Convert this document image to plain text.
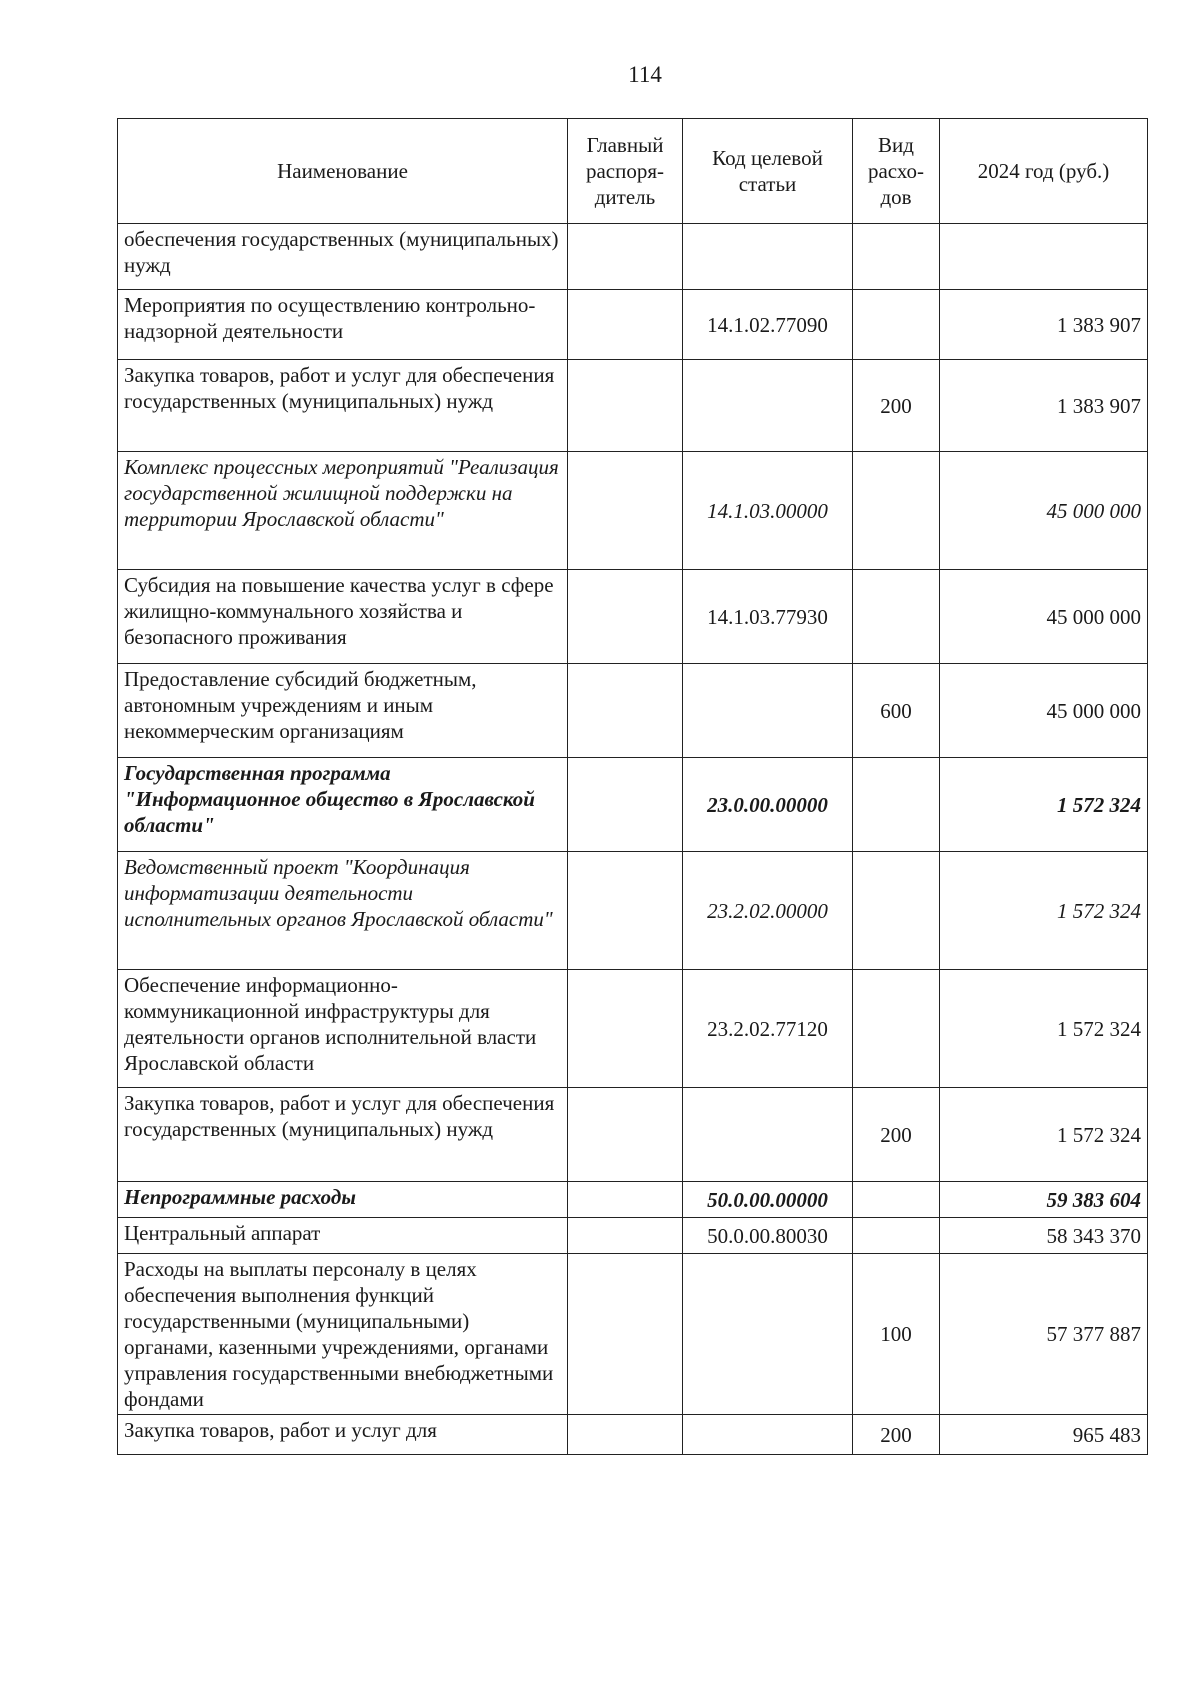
114
Наименование	Главный распоря-дитель	Код целевой статьи	Вид расхо-дов	2024 год (руб.)
обеспечения государственных (муниципальных) нужд				
Мероприятия по осуществлению контрольно-надзорной деятельности		14.1.02.77090		1 383 907
Закупка товаров, работ и услуг для обеспечения государственных (муниципальных) нужд			200	1 383 907
Комплекс процессных мероприятий "Реализация государственной жилищной поддержки на территории Ярославской области"		14.1.03.00000		45 000 000
Субсидия на повышение качества услуг в сфере жилищно-коммунального хозяйства и безопасного проживания		14.1.03.77930		45 000 000
Предоставление субсидий бюджетным, автономным учреждениям и иным некоммерческим организациям			600	45 000 000
Государственная программа "Информационное общество в Ярославской области"		23.0.00.00000		1 572 324
Ведомственный проект "Координация информатизации деятельности исполнительных органов Ярославской области"		23.2.02.00000		1 572 324
Обеспечение информационно-коммуникационной инфраструктуры для деятельности органов исполнительной власти Ярославской области		23.2.02.77120		1 572 324
Закупка товаров, работ и услуг для обеспечения государственных (муниципальных) нужд			200	1 572 324
Непрограммные расходы		50.0.00.00000		59 383 604
Центральный аппарат		50.0.00.80030		58 343 370
Расходы на выплаты персоналу в целях обеспечения выполнения функций государственными (муниципальными) органами, казенными учреждениями, органами управления государственными внебюджетными фондами			100	57 377 887
Закупка товаров, работ и услуг для			200	965 483
